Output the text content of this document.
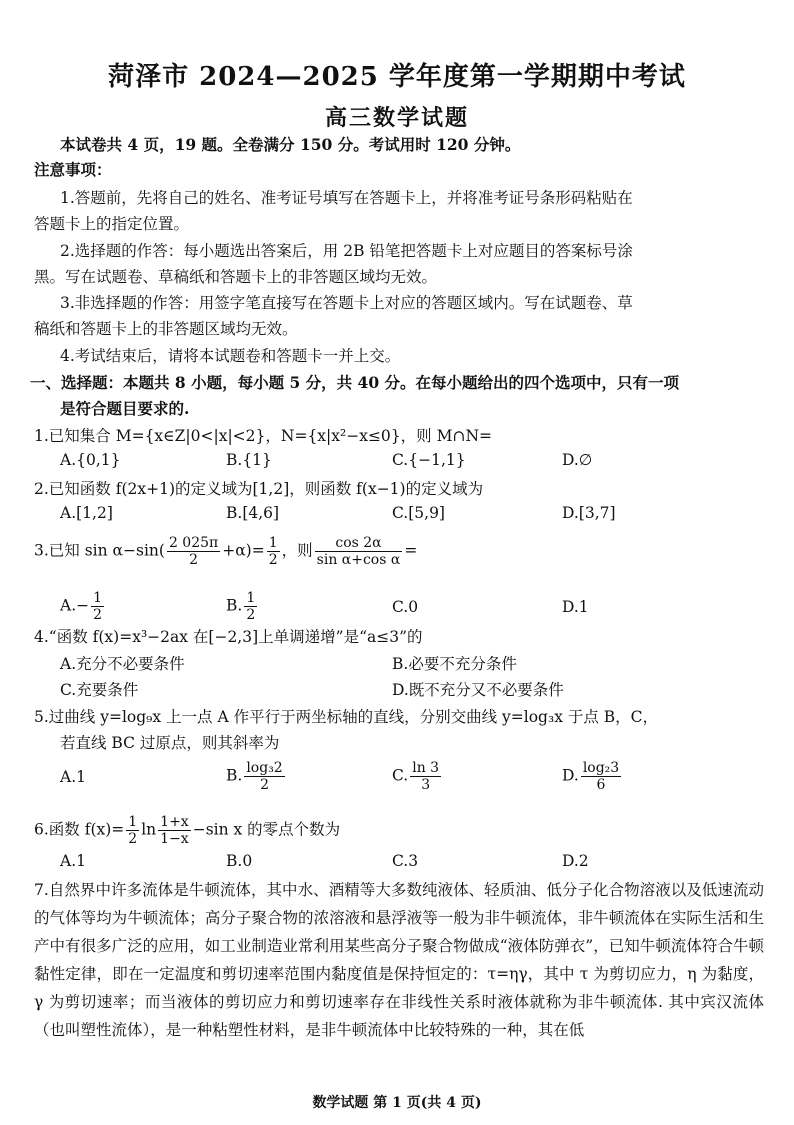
菏泽市 2024—2025 学年度第一学期期中考试
高三数学试题
本试卷共 4 页，19 题。全卷满分 150 分。考试用时 120 分钟。
注意事项：
1.答题前，先将自己的姓名、准考证号填写在答题卡上，并将准考证号条形码粘贴在
答题卡上的指定位置。
2.选择题的作答：每小题选出答案后，用 2B 铅笔把答题卡上对应题目的答案标号涂
黑。写在试题卷、草稿纸和答题卡上的非答题区域均无效。
3.非选择题的作答：用签字笔直接写在答题卡上对应的答题区域内。写在试题卷、草
稿纸和答题卡上的非答题区域均无效。
4.考试结束后，请将本试题卷和答题卡一并上交。
一、选择题：本题共 8 小题，每小题 5 分，共 40 分。在每小题给出的四个选项中，只有一项
是符合题目要求的.
1.已知集合 M={x∈Z|0<|x|<2}，N={x|x²−x≤0}，则 M∩N=
A.{0,1}	B.{1}	C.{−1,1}	D.∅
2.已知函数 f(2x+1)的定义域为[1,2]，则函数 f(x−1)的定义域为
A.[1,2]	B.[4,6]	C.[5,9]	D.[3,7]
3.已知 $\sin \alpha-\sin( \frac{2 025\pi}{2} +\alpha)= \frac{1}{2}$ ，则 $\frac{\cos 2\alpha}{\text{sin α+cos α}}$ =
$A.- \frac{1}{2}$	B. $\frac{1}{2}$	C.0	D.1
4.“函数 f(x)=x³−2ax 在[−2,3]上单调递增”是“a≤3”的
A.充分不必要条件	B.必要不充分条件
C.充要条件	D.既不充分又不必要条件
5.过曲线 y=log₉x 上一点 A 作平行于两坐标轴的直线，分别交曲线 y=log₃x 于点 B，C，
若直线 BC 过原点，则其斜率为
A.1	B. $\frac{\text{log₃2}}{2}$	C. $\frac{\ln 3}{3}$	D. $\frac{\text{log₂3}}{6}$
6.函数 $f(x)= \frac{1}{2}$ $\ln \frac{1+x}{1-x} -\sin$ x 的零点个数为
A.1	B.0	C.3	D.2
7.自然界中许多流体是牛顿流体，其中水、酒精等大多数纯液体、轻质油、低分子化合物溶液以及低速流动的气体等均为牛顿流体；高分子聚合物的浓溶液和悬浮液等一般为非牛顿流体，非牛顿流体在实际生活和生产中有很多广泛的应用，如工业制造业常利用某些高分子聚合物做成“液体防弹衣”，已知牛顿流体符合牛顿黏性定律，即在一定温度和剪切速率范围内黏度值是保持恒定的：τ=ηγ，其中 τ 为剪切应力，η 为黏度，γ 为剪切速率；而当液体的剪切应力和剪切速率存在非线性关系时液体就称为非牛顿流体. 其中宾汉流体（也叫塑性流体），是一种粘塑性材料，是非牛顿流体中比较特殊的一种，其在低
数学试题 第 1 页(共 4 页)
